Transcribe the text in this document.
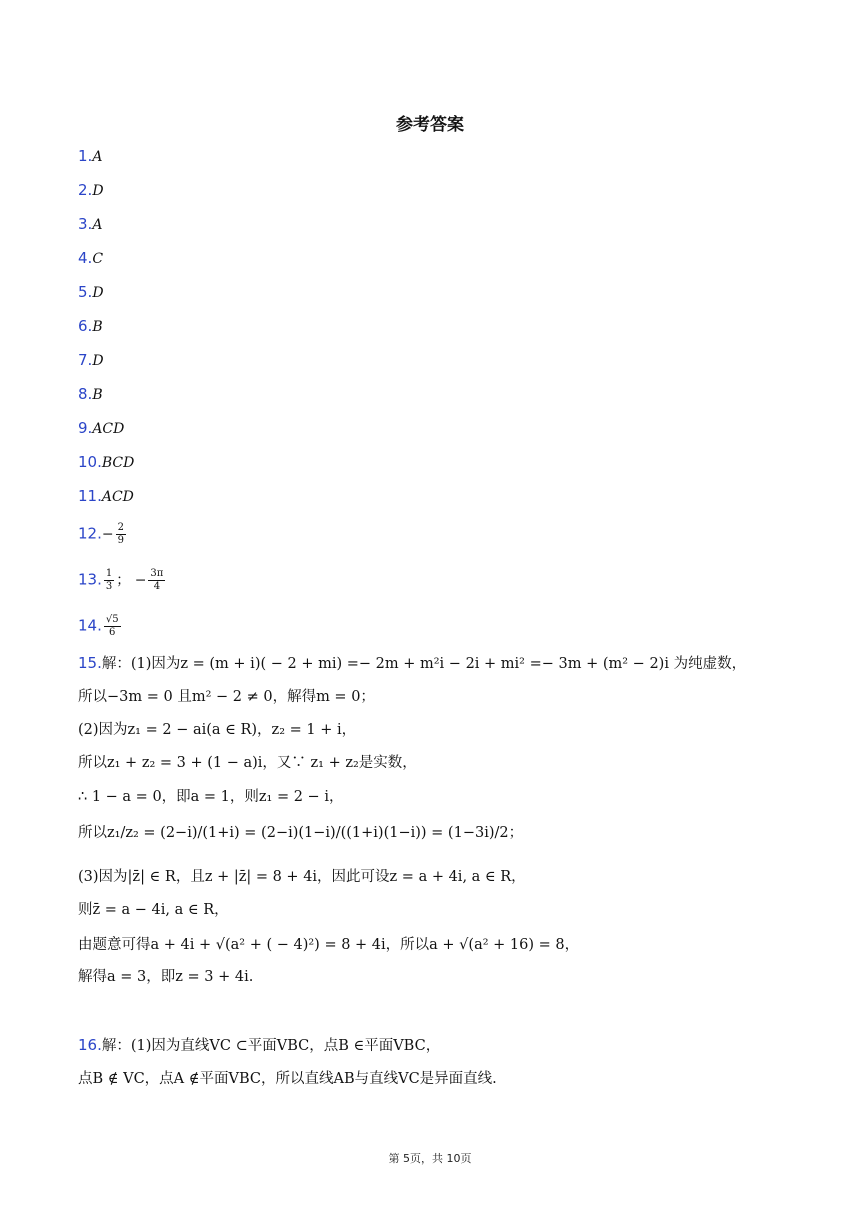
参考答案
1.A
2.D
3.A
4.C
5.D
6.B
7.D
8.B
9.ACD
10.BCD
11.ACD
$12.- \frac{2}{9}$
13. $\frac{1}{3}$ ； − $\frac{3\pi}{4}$
14. $\frac{√5}{6}$
15.解：(1)因为z = (m + i)( − 2 + mi) =− 2m + m²i − 2i + mi² =− 3m + (m² − 2)i 为纯虚数，
所以−3m = 0 且m² − 2 ≠ 0，解得m = 0；
(2)因为z₁ = 2 − ai(a ∈ R)，z₂ = 1 + i，
所以z₁ + z₂ = 3 + (1 − a)i，又∵ z₁ + z₂是实数，
∴ 1 − a = 0，即a = 1，则z₁ = 2 − i，
所以z₁/z₂ = (2−i)/(1+i) = (2−i)(1−i)/((1+i)(1−i)) = (1−3i)/2；
(3)因为|z̄| ∈ R，且z + |z̄| = 8 + 4i，因此可设z = a + 4i, a ∈ R，
则z̄ = a − 4i, a ∈ R，
由题意可得a + 4i + √(a² + ( − 4)²) = 8 + 4i，所以a + √(a² + 16) = 8，
解得a = 3，即z = 3 + 4i.
16.解：(1)因为直线VC ⊂平面VBC，点B ∈平面VBC，
点B ∉ VC，点A ∉平面VBC，所以直线AB与直线VC是异面直线.
第 5页，共 10页
